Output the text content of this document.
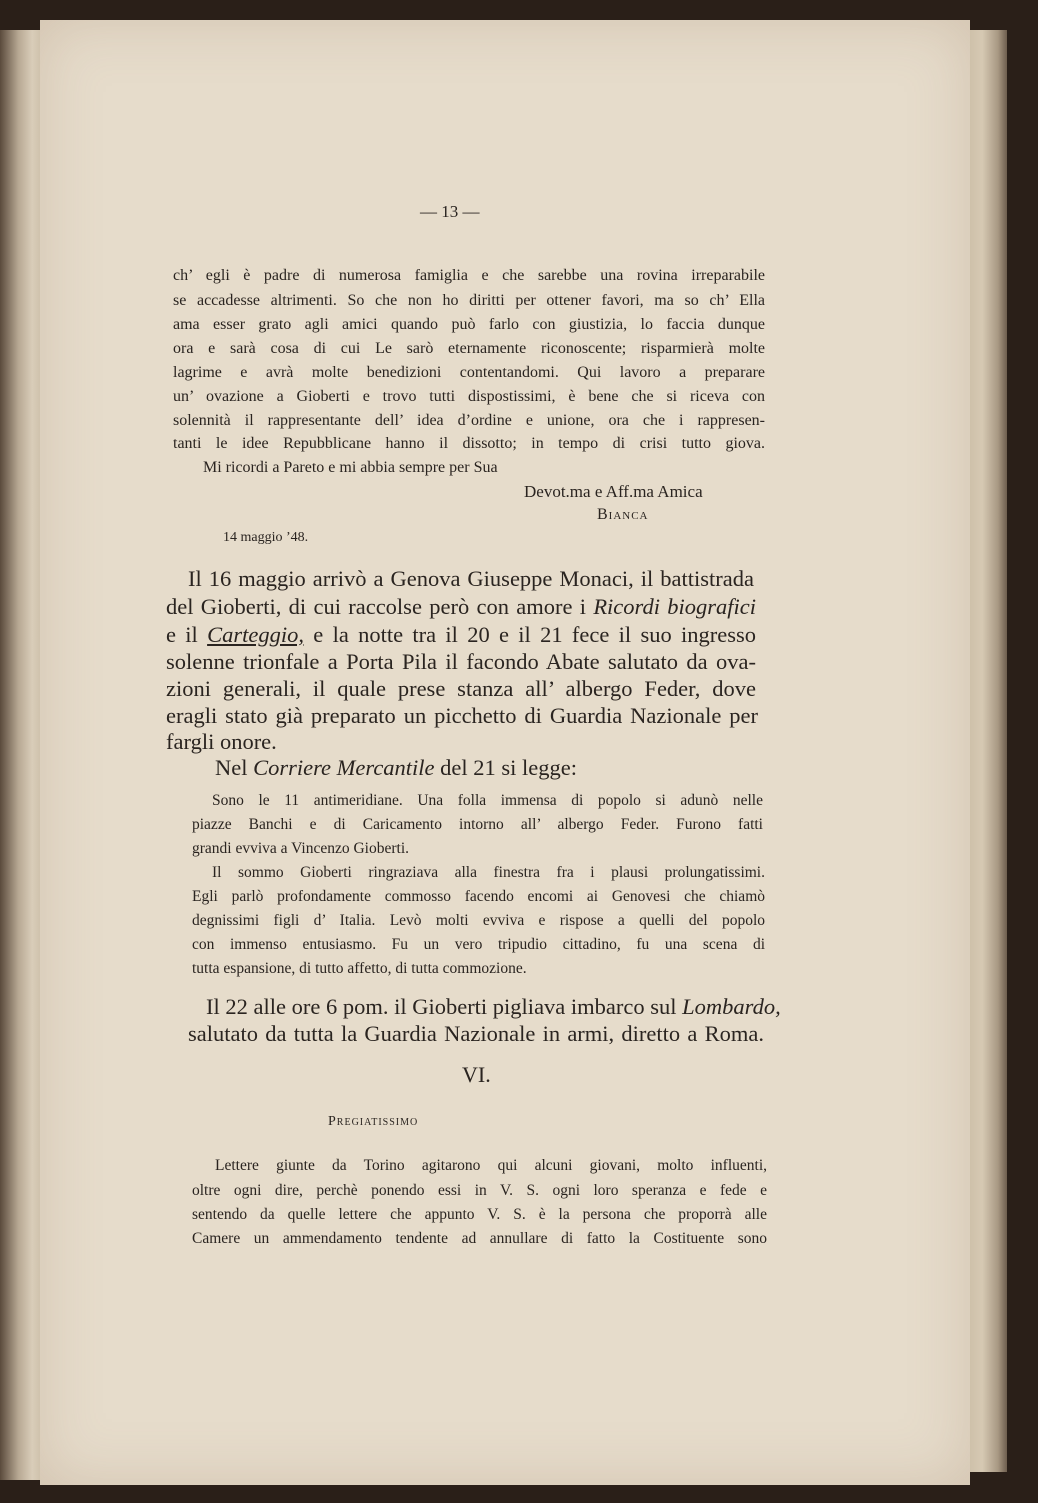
— 13 —
ch’ egli è padre di numerosa famiglia e che sarebbe una rovina irreparabile
se accadesse altrimenti. So che non ho diritti per ottener favori, ma so ch’ Ella
ama esser grato agli amici quando può farlo con giustizia, lo faccia dunque
ora e sarà cosa di cui Le sarò eternamente riconoscente; risparmierà molte
lagrime e avrà molte benedizioni contentandomi. Qui lavoro a preparare
un’ ovazione a Gioberti e trovo tutti dispostissimi, è bene che si riceva con
solennità il rappresentante dell’ idea d’ordine e unione, ora che i rappresen-
tanti le idee Repubblicane hanno il dissotto; in tempo di crisi tutto giova.
Mi ricordi a Pareto e mi abbia sempre per Sua
Devot.ma e Aff.ma Amica
Bianca
14 maggio ’48.
Il 16 maggio arrivò a Genova Giuseppe Monaci, il battistrada
del Gioberti, di cui raccolse però con amore i Ricordi biografici
e il Carteggio, e la notte tra il 20 e il 21 fece il suo ingresso
solenne trionfale a Porta Pila il facondo Abate salutato da ova-
zioni generali, il quale prese stanza all’ albergo Feder, dove
eragli stato già preparato un picchetto di Guardia Nazionale per
fargli onore.
Nel Corriere Mercantile del 21 si legge:
Sono le 11 antimeridiane. Una folla immensa di popolo si adunò nelle
piazze Banchi e di Caricamento intorno all’ albergo Feder. Furono fatti
grandi evviva a Vincenzo Gioberti.
Il sommo Gioberti ringraziava alla finestra fra i plausi prolungatissimi.
Egli parlò profondamente commosso facendo encomi ai Genovesi che chiamò
degnissimi figli d’ Italia. Levò molti evviva e rispose a quelli del popolo
con immenso entusiasmo. Fu un vero tripudio cittadino, fu una scena di
tutta espansione, di tutto affetto, di tutta commozione.
Il 22 alle ore 6 pom. il Gioberti pigliava imbarco sul Lombardo,
salutato da tutta la Guardia Nazionale in armi, diretto a Roma.
VI.
Pregiatissimo
Lettere giunte da Torino agitarono qui alcuni giovani, molto influenti,
oltre ogni dire, perchè ponendo essi in V. S. ogni loro speranza e fede e
sentendo da quelle lettere che appunto V. S. è la persona che proporrà alle
Camere un ammendamento tendente ad annullare di fatto la Costituente sono
